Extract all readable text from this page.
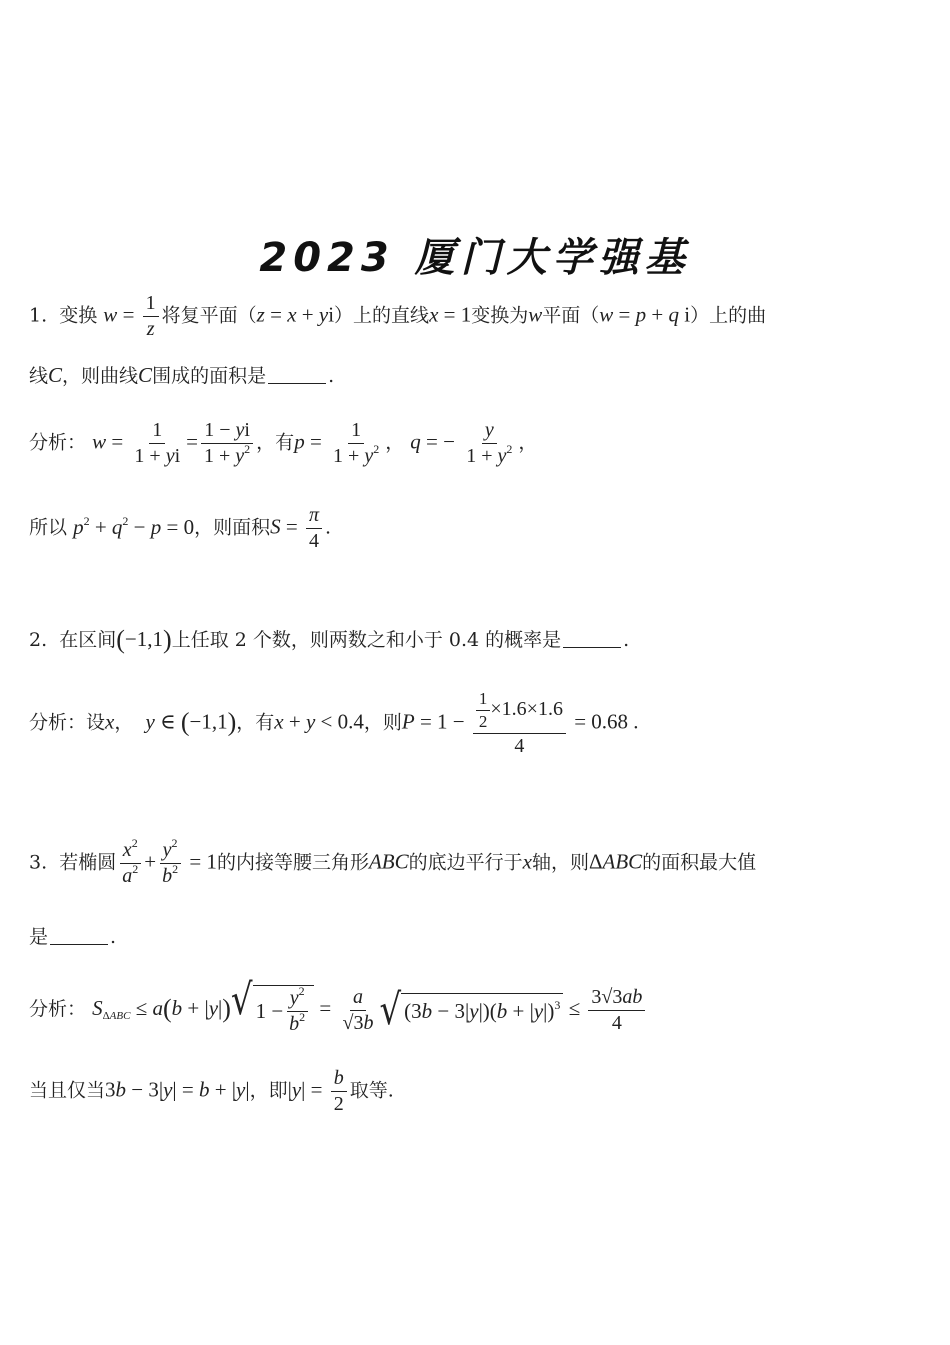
2023 厦门大学强基
1. 变换 $w = \frac{1}{z}$ 将复平面（z = x + yi）上的直线x = 1变换为w平面（w = p + q i）上的曲
线C，则曲线C围成的面积是	.
分析： $w = \frac{1}{1 + yi} = \frac{1 - yi}{1 + y^2}$ ，有$p = \frac{1}{1 + y^2}$ ， q = − $\frac{y}{1 + y^2}$ ，
所以 $p^2 + q^2 - p = 0$，则面积$S = \frac{\pi}{4}$ .
2. 在区间(−1,1)上任取 2 个数，则两数之和小于 0.4 的概率是	.
分析：设x，  y ∈ (−1,1)，有x + y < 0.4，则$P = 1 - \frac{\frac{1}{2} \times 1.6\times 1.6}{4} = 0.68$ .
3. 若椭圆 $\frac{x^2}{a^2} + \frac{y^2}{b^2} = 1$的内接等腰三角形ABC的底边平行于x轴，则ΔABC的面积最大值
是	.
分析： $S_{\Delta ABC} \le a(b + |y|)$ √ $1 - \frac{y^2}{b^2} = \frac{a}{√3b}$ √ $(3b - 3|y|)(b + |y|)^3 \le \frac{3√3ab}{4}$
当且仅当3b − 3|y| = b + |y|，即$|y| = \frac{b}{2}$ 取等.
